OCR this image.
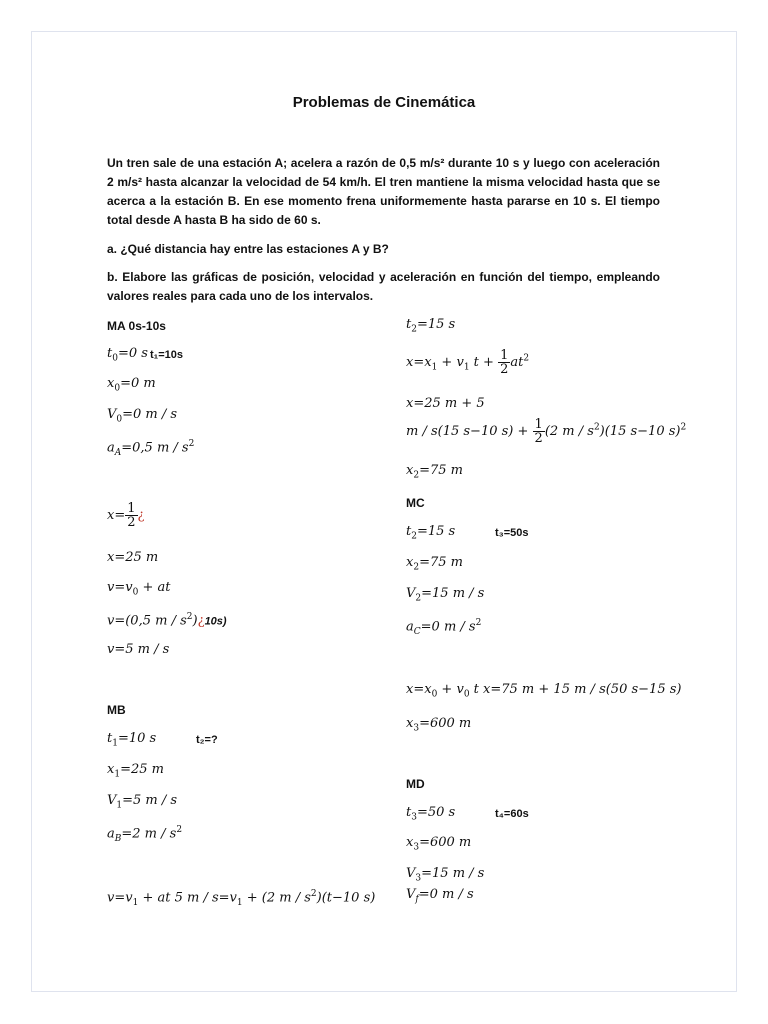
Problemas de Cinemática
Un tren sale de una estación A; acelera a razón de 0,5 m/s² durante 10 s y luego con aceleración 2 m/s² hasta alcanzar la velocidad de 54 km/h. El tren mantiene la misma velocidad hasta que se acerca a la estación B. En ese momento frena uniformemente hasta pararse en 10 s. El tiempo total desde A hasta B ha sido de 60 s.
a. ¿Qué distancia hay entre las estaciones A y B?
b. Elabore las gráficas de posición, velocidad y aceleración en función del tiempo, empleando valores reales para cada uno de los intervalos.
MA 0s-10s
$t_0=0$ s t₁=10s
$x_0=0$ m
$V_0=0$ m / s
$a_A=0,5$ m / $s^2$
$x= \frac{1}{2}$ ¿
x=25 m
$v=v_0$ + at
v=(0,5 m / $s^2)¿10s$)
v=5 m / s
MB
$t_1=10$ s	t₂=?
$x_1=25$ m
$V_1=5$ m / s
$a_B=2$ m / $s^2$
$v=v_1$ + at 5 $m / s=v_1 + (2$ $m / s^2)(t-10$ s)
$t_2=15$ s
$x=x_1 + v_1$ $t + \frac{1}{2} at^2$
x=25 m + 5
m / s(15 s−10 $s) + \frac{1}{2} (2$ m / $s^2)(15$ s−10 s)$^2$
$x_2=75$ m
MC
$t_2=15$ s	t₃=50s
$x_2=75$ m
$V_2=15$ m / s
$a_C=0$ m / $s^2$
$x=x_0 + v_0$ t x=75 m + 15 m / s(50 s−15 s)
$x_3=600$ m
MD
$t_3=50$ s	t₄=60s
$x_3=600$ m
$V_3=15$ m / s
$V_f=0$ m / s
